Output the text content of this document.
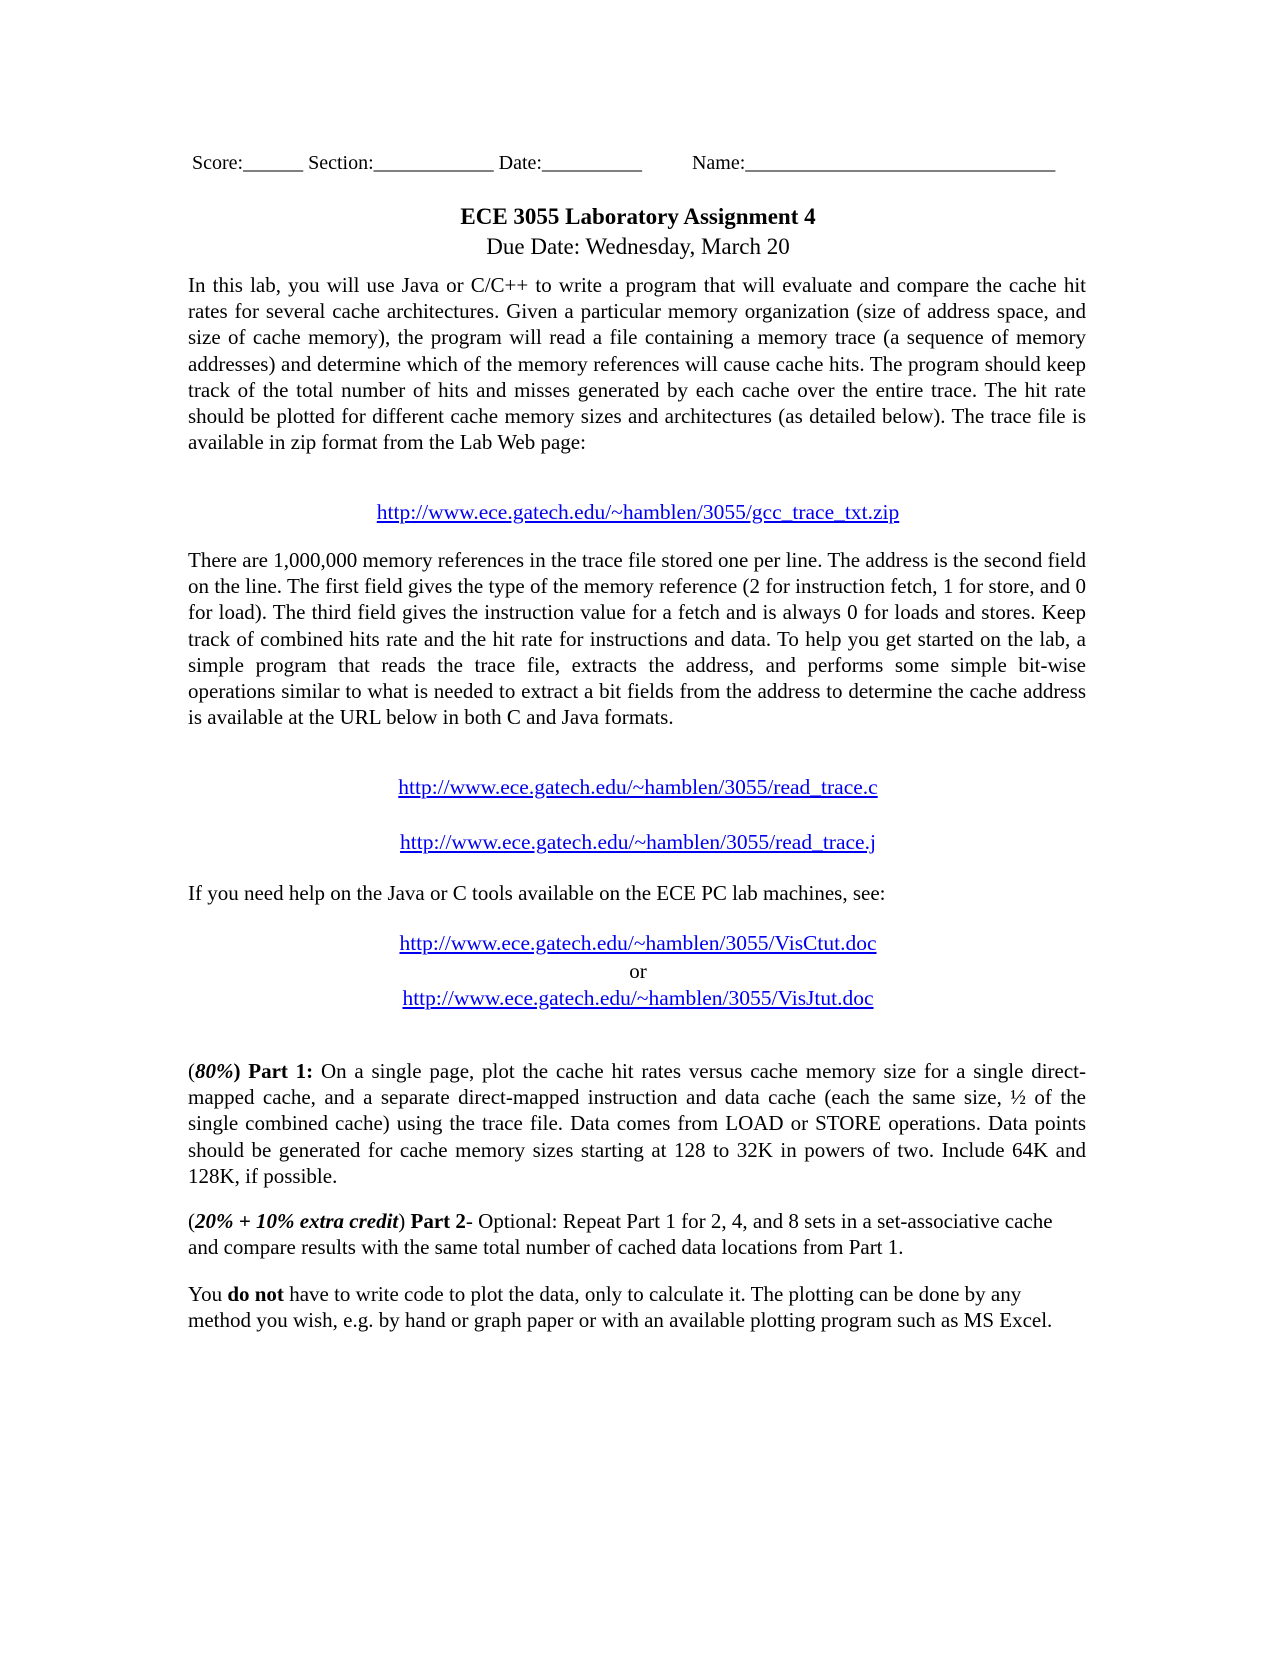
Score:______ Section:____________ Date:__________	Name:_______________________________
ECE 3055 Laboratory Assignment 4
Due Date: Wednesday, March 20

In this lab, you will use Java or C/C++ to write a program that will evaluate and compare the cache hit rates for several cache architectures. Given a particular memory organization (size of address space, and size of cache memory), the program will read a file containing a memory trace (a sequence of memory addresses) and determine which of the memory references will cause cache hits. The program should keep track of the total number of hits and misses generated by each cache over the entire trace. The hit rate should be plotted for different cache memory sizes and architectures (as detailed below). The trace file is available in zip format from the Lab Web page:

http://www.ece.gatech.edu/~hamblen/3055/gcc_trace_txt.zip

There are 1,000,000 memory references in the trace file stored one per line. The address is the second field on the line. The first field gives the type of the memory reference (2 for instruction fetch, 1 for store, and 0 for load). The third field gives the instruction value for a fetch and is always 0 for loads and stores. Keep track of combined hits rate and the hit rate for instructions and data. To help you get started on the lab, a simple program that reads the trace file, extracts the address, and performs some simple bit-wise operations similar to what is needed to extract a bit fields from the address to determine the cache address is available at the URL below in both C and Java formats.

http://www.ece.gatech.edu/~hamblen/3055/read_trace.c
http://www.ece.gatech.edu/~hamblen/3055/read_trace.j

If you need help on the Java or C tools available on the ECE PC lab machines, see:

http://www.ece.gatech.edu/~hamblen/3055/VisCtut.doc
or
http://www.ece.gatech.edu/~hamblen/3055/VisJtut.doc

(80%) Part 1: On a single page, plot the cache hit rates versus cache memory size for a single direct-mapped cache, and a separate direct-mapped instruction and data cache (each the same size, ½ of the single combined cache) using the trace file. Data comes from LOAD or STORE operations. Data points should be generated for cache memory sizes starting at 128 to 32K in powers of two. Include 64K and 128K, if possible.

(20% + 10% extra credit) Part 2- Optional: Repeat Part 1 for 2, 4, and 8 sets in a set-associative cache and compare results with the same total number of cached data locations from Part 1.

You do not have to write code to plot the data, only to calculate it. The plotting can be done by any method you wish, e.g. by hand or graph paper or with an available plotting program such as MS Excel.
